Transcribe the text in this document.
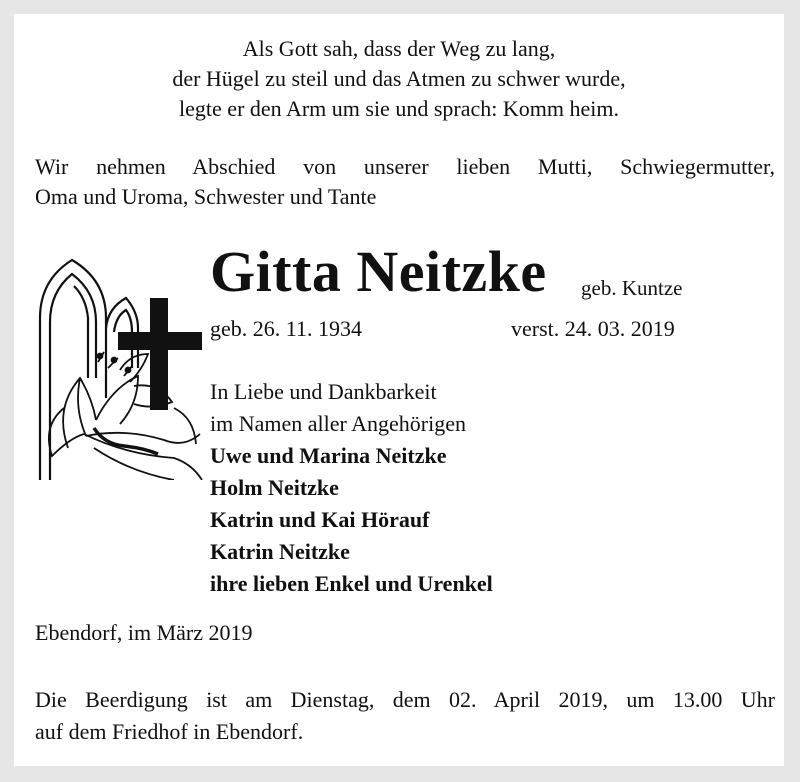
Als Gott sah, dass der Weg zu lang,
der Hügel zu steil und das Atmen zu schwer wurde,
legte er den Arm um sie und sprach: Komm heim.
Wir nehmen Abschied von unserer lieben Mutti, Schwiegermutter,
Oma und Uroma, Schwester und Tante
Gitta Neitzke geb. Kuntze
geb. 26. 11. 1934	verst. 24. 03. 2019
In Liebe und Dankbarkeit
im Namen aller Angehörigen
Uwe und Marina Neitzke
Holm Neitzke
Katrin und Kai Hörauf
Katrin Neitzke
ihre lieben Enkel und Urenkel
Ebendorf, im März 2019
Die Beerdigung ist am Dienstag, dem 02. April 2019, um 13.00 Uhr
auf dem Friedhof in Ebendorf.
